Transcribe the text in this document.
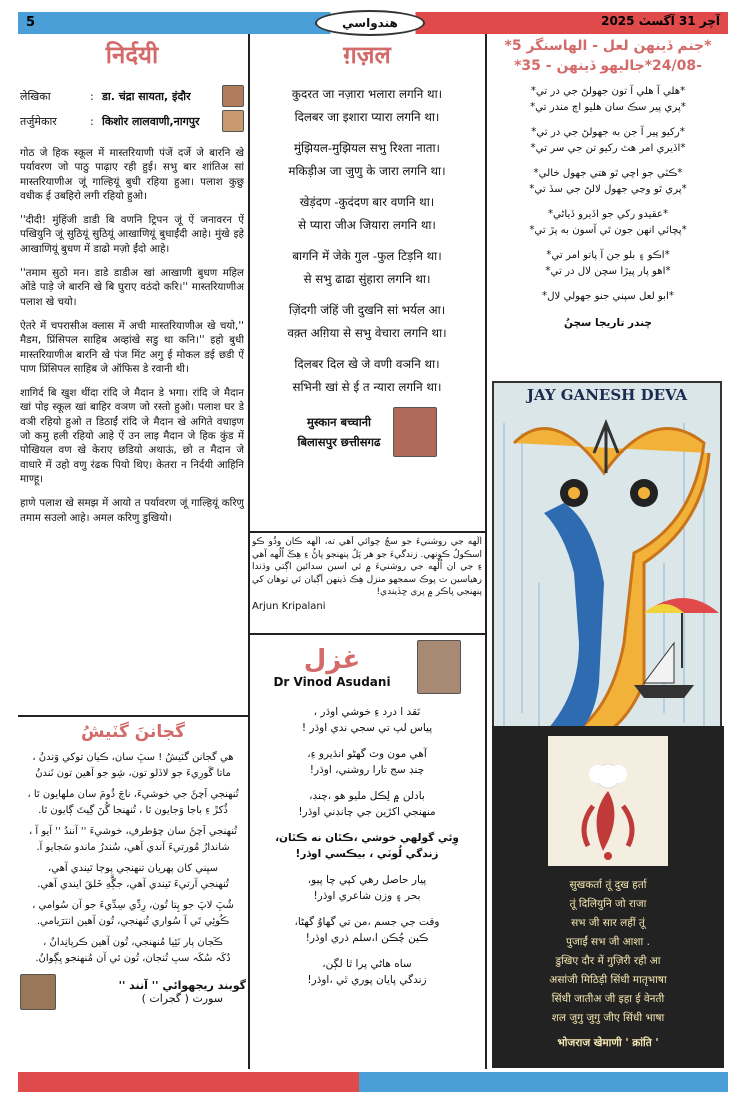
5	هندواسي	آچر 31 آگسٽ 2025
निर्दयी
लेखिका	: डा. चंद्रा सायता, इंदौर
तर्जुमेकार	: किशोर लालवाणी,नागपुर

गोठ जे हिक स्कूल में मास्तरियाणी पंजें दर्जे जे बारनि खे पर्यावरण जो पाठु पाढ़ाए रही हुई। सभु बार शांतिअ सां मास्तरियाणीअ जूं गाल्हियूं बुधी रहिया हुआ। पलाश कुछु वधीक ई उबहिरो लगी रहियो हुओ।

''दीदी! मुंहिंजी डाडी बि वणनि ट्रिपन जूं ऐं जनावरन ऐं पखियुनि जूं सुठियूं सुठियूं आखाणियूं बुधाईंदी आहे। मुंखे इहे आखाणियूं बुधण में डाढो मज़ो ईंदो आहे।

''तमाम सुठो मन। डाडे डाडीअ खां आखाणी बुधण महिल ओंडे पाड़े जे बारनि खे बि घुराए वठंदो करि।'' मास्तरियाणीअ पलाश खे चयो।

ऐतरे में चपरासीअ क्लास में अची मास्तरियाणीअ खे चयो,'' मैडम, प्रिंसिपल साहिब अव्हांखे सडु था कनि।'' इहो बुधी मास्तरियाणीअ बारनि खे पंज मिंट अगु ई मोकल डई छडी ऐं पाण प्रिंसिपल साहिब जे ऑफिस डे रवानी थी।

शागिर्द बि खुश थींदा रांदि जे मैदान डे भगा। रांदि जे मैदान खां पोइ स्कूल खां बाहिर वञण जो रस्तो हुओ। पलाश घर डे वञी रहियो हुओ त डिठाईं रांदि जे मैदान खे अगिते वधाइण जो कमु हली रहियो आहे ऐं उन लाइ मैदान जे हिक कुंड में पोखियल वण खे केराए छडियो अथाऊं, छो त मैदान जे वाधारे में उहो वणु रंढक पियो थिए। केतरा न निर्दयी आहिनि माण्हू।

हाणे पलाश खे समझ में आयो त पर्यावरण जूं गाल्हियूं करिणु तमाम सउलो आहे। अमल करिणु डुखियो।

گجاننَ گٽيشُ
هي گجانن گٽيشُ ! سڀَ سان، ڪيان توکي وَندنُ ،
ماتا گَورِيءَ جو لاڏلو تون، شِو جو آهين تون نَندنُ
تُنهنجي اَچڻَ جي خوشيءَ، ناچَ ڌُومَ سان ملهايون ٿا ،
ڏُکڙَ ءِ باجا وَجايون ٿا ، تُنهنجا گُنَ گِيتَ ڳايون ٿا.
تُنهنجي اَچڻَ سان چؤطرفِ، خوشيءَ '' آنندُ '' آيو آ ،
شاندارُ مُورتيءَ آندي آهي، سُندرُ ماندو سَجايو آ.
سڀني کان پهريان تنهنجي پوڄا ٿيندي آهي،
تُنهنجي آرتيءَ ٿيندي آهي، جڳَّهِ خَلقَ ايندي آهي.
شُڀَ لاڀَ جو پِتا تُون، رِدِّي سِدِّيءَ جو آن سُوامي ،
ڪُوئِي تَي آ سُواري تُنهنجي، تُون آهين انترَيامي.
ڪَجان پار نَئِيا مُنهنجي، تُون آهين ڪرپانِدانُ ،
دُکَہ سُکَہ سڀ تُنجان، تُون ئي آن مُنهنجو ڀڳوانُ.
گوبند ريجهوائي '' آنند ''
سورت ( گجرات )
ग़ज़ल
कुदरत जा नज़ारा भलारा लगनि था।
दिलबर जा इशारा प्यारा लगनि था।
मुंझियल-मुझियल सभु रिश्ता नाता।
मकिड़ीअ जा जुणु के जारा लगनि था।
खेड़ंदण -कुदंदण बार वणनि था।
से प्यारा जीअ जियारा लगनि था।
बागनि में जेके गुल -फुल टिड़नि था।
से सभु ढाढा सुंहारा लगनि था।
ज़िंदगी जंहिं जी दुखनि सां भर्यल आ।
वक़्त अग़िया से सभु वेचारा लगनि था।
दिलबर दिल खे जे वणी वञनि था।
सभिनी खां से ई त न्यारा लगनि था।
मुस्कान बच्चानी
बिलासपुर छत्तीसगढ
اُلُهه جي روشنيءَ جو سڄُ چوائي آهي ته، اُلُهه ڪان وڌُو ڪو اسڪولُ ڪونهي. زندگيءَ جو هر پَلُ پنهنجو پاڻُ ءِ هِڪَ اُلُهه آهي ءِ جي ان اُلُهه جي روشنيءَ ۾ ئي اسين سدائين اڳتي وڌندا رهياسين ت پوڪ سمجهو منزل هِڪ ڏينهن اَڳيان ئي توهان کي پنهنجي پاڪر ۾ پري ڇڏيندي!
Arjun Kripalani
غزل
Dr Vinod Asudani
نَقد ا درد ءِ خوشي اوڌر ،
پياس لپ تي سجي ندي اوڌر !
آهي مون وٽ گهڻو انڌيرو ءِ،
چنڊ سج تارا روشني، اوڌر!
بادلن ۾ لِڪل مليو هو ،چنڊ،
منهنجي اکڙين جي چانڊني اوڌر!
وِئي گولهي خوشي ،ڪٿان نه ڪٿان،
زندگي لُوٽي ، بيڪسي اوڌر!
پيار حاصل رهي کپي چا پيو،
بحر ۽ وزن شاعري اوڌر!
وقت جي جسم ،من تي گهاوُ گهڻا،
ڪين چُڪن ا،سلم ذري اوڌر!
ساه هاڻي پرا ٿا لڳن،
زندگي پايان پوري ٿي ،اوڌر!
*جنم ڏينهن لعل - الهاسنگر 5*
-24/08*جاليهو ڏينهن - 35*
*هلي آ هلي آ تون جهولڻ جي در تي*
*پري پير سڪ سان هليو اچ مندر تي*
*رکيو پير آ جن به جهولڻ جي در تي*
*اڏيري امر هٿ رکيو تن جي سر تي*
*ڪٽي جو اچي ٿو هتي جهول خالي*
*پري ٿو وڃي جهول لالڻ جي سڏ تي*
*عقيدو رکي جو اڏيرو ڏياڻي*
*پچائي انهن جون ٿي آسون به پڙ تي*
*اڪو ۽ بلو جن آ پاتو امر تي*
*اهو پار پيڙا سچن لال در تي*
*ابو لعل سپني جنو جهولي لال*
چندر تاريجا سچنُ
JAY GANESH DEVA
सुखकर्ता तूं दुख हर्ता
तूं दिलियुनि जो राजा
सभ जी सार लहीं तूं
पुजाईं सभ जी आशा .
डुखिए दौर में गुज़िरी रही आ
असांजी मिठिड़ी सिंधी मातृभाषा
सिंधी जातीअ जी इहा ई वेनती
शल जुगु जुगु जीए सिंधी भाषा
भोजराज खेमाणी ' क्रांति '
